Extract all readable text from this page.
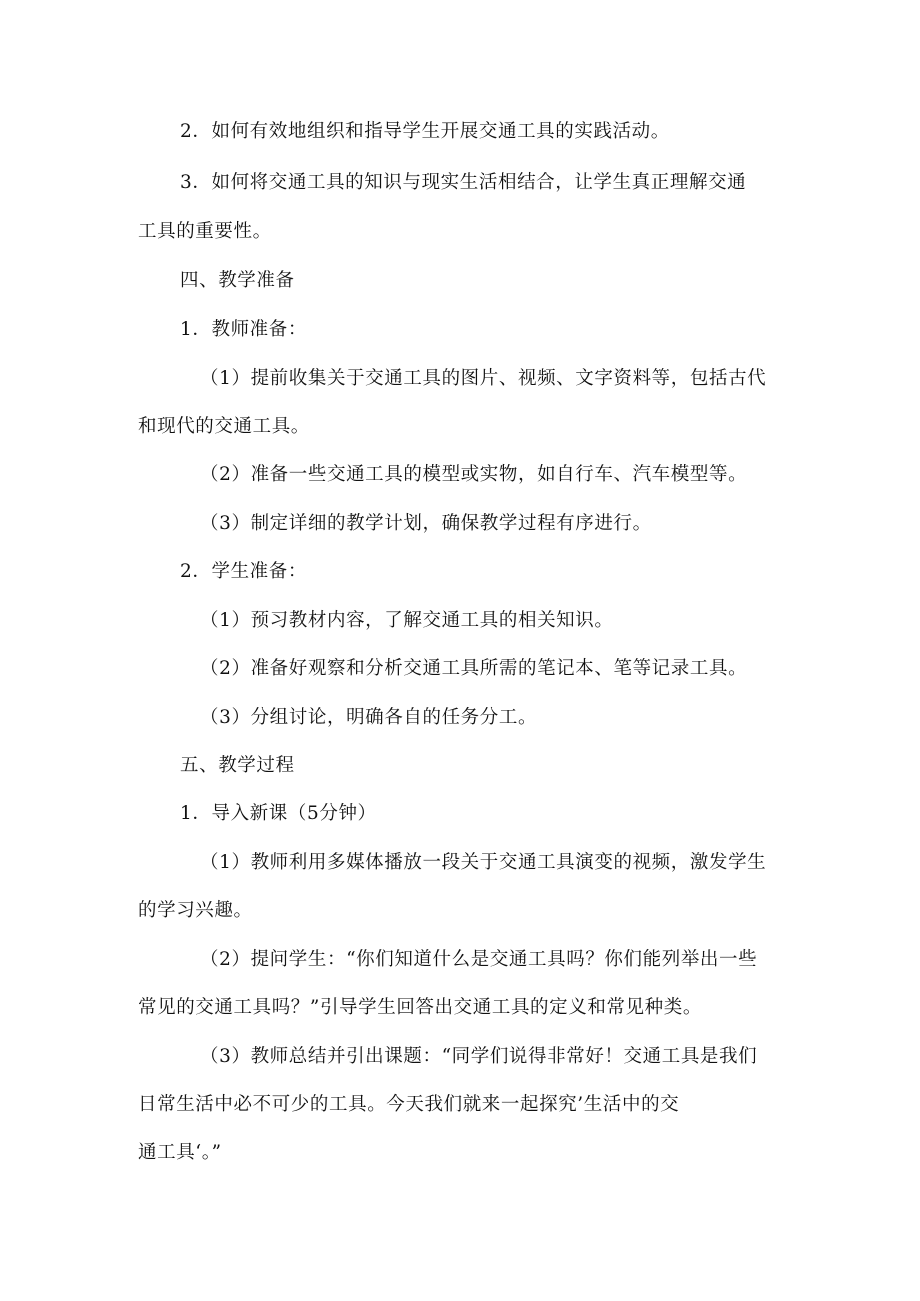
2．如何有效地组织和指导学生开展交通工具的实践活动。
3．如何将交通工具的知识与现实生活相结合，让学生真正理解交通
工具的重要性。
四、教学准备
1．教师准备：
（1）提前收集关于交通工具的图片、视频、文字资料等，包括古代
和现代的交通工具。
（2）准备一些交通工具的模型或实物，如自行车、汽车模型等。
（3）制定详细的教学计划，确保教学过程有序进行。
2．学生准备：
（1）预习教材内容，了解交通工具的相关知识。
（2）准备好观察和分析交通工具所需的笔记本、笔等记录工具。
（3）分组讨论，明确各自的任务分工。
五、教学过程
1．导入新课（5分钟）
（1）教师利用多媒体播放一段关于交通工具演变的视频，激发学生
的学习兴趣。
（2）提问学生：“你们知道什么是交通工具吗？你们能列举出一些
常见的交通工具吗？”引导学生回答出交通工具的定义和常见种类。
（3）教师总结并引出课题：“同学们说得非常好！交通工具是我们
日常生活中必不可少的工具。今天我们就来一起探究’生活中的交
通工具‘。”
